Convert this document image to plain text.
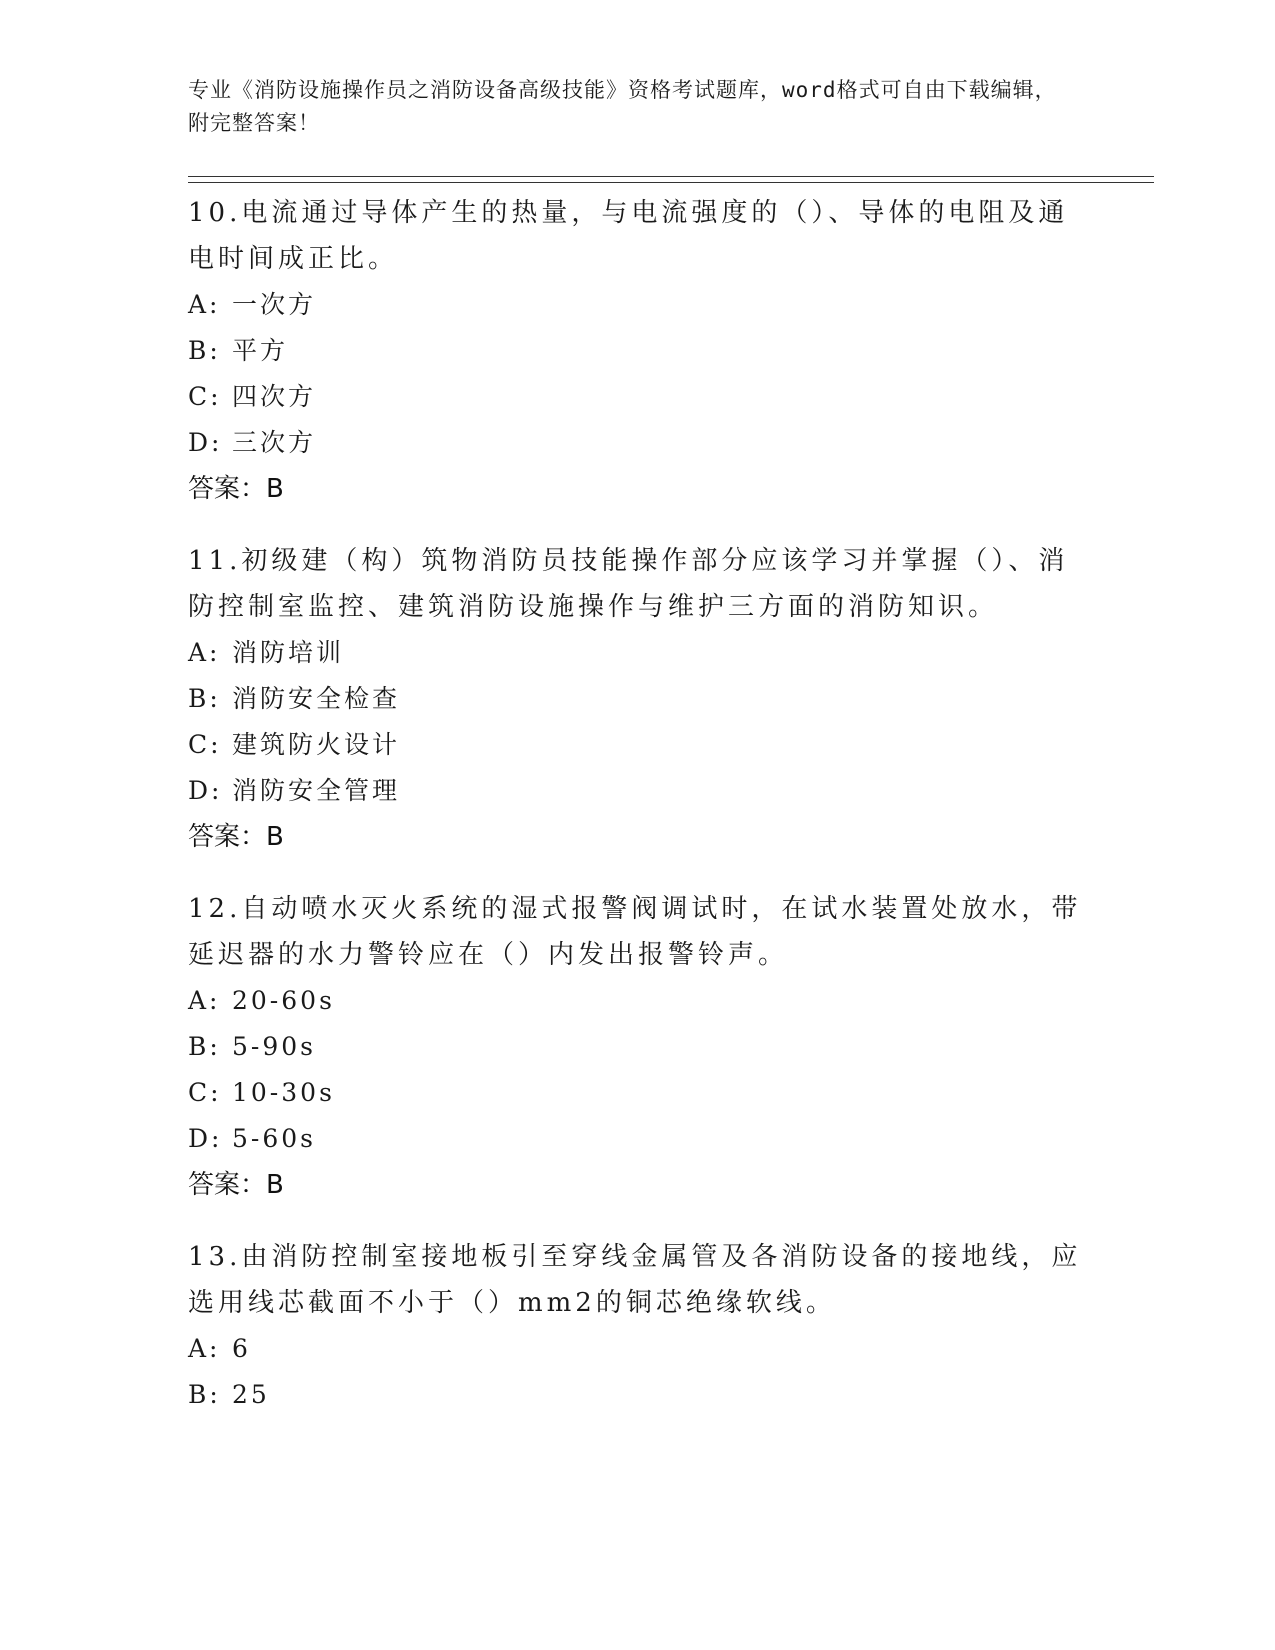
专业《消防设施操作员之消防设备高级技能》资格考试题库，word格式可自由下载编辑，附完整答案！

10.电流通过导体产生的热量，与电流强度的（）、导体的电阻及通电时间成正比。

A: 一次方
B: 平方
C: 四次方
D: 三次方
答案：B

11.初级建（构）筑物消防员技能操作部分应该学习并掌握（）、消防控制室监控、建筑消防设施操作与维护三方面的消防知识。

A: 消防培训
B: 消防安全检查
C: 建筑防火设计
D: 消防安全管理
答案：B

12.自动喷水灭火系统的湿式报警阀调试时，在试水装置处放水，带延迟器的水力警铃应在（）内发出报警铃声。

A: 20-60s
B: 5-90s
C: 10-30s
D: 5-60s
答案：B

13.由消防控制室接地板引至穿线金属管及各消防设备的接地线，应选用线芯截面不小于（）mm2的铜芯绝缘软线。

A: 6
B: 25
